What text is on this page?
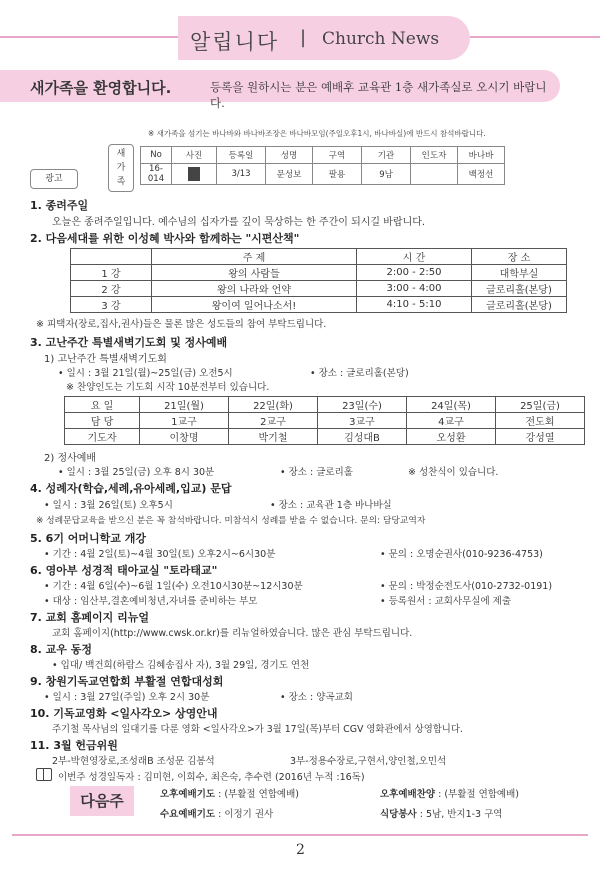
알립니다 | Church News
새가족을 환영합니다.	등록을 원하시는 분은 예배후 교육관 1층 새가족실로 오시기 바랍니다.
※ 새가족을 섬기는 바나바와 바나바조장은 바나바모임(주일오후1시, 바나바실)에 반드시 참석바랍니다.
광고
새
가
족
No	사진	등록일	성명	구역	기관	인도자	바나바
16-014		3/13	문성보	팔용	9남		백정선
1. 종려주일
오늘은 종려주일입니다. 예수님의 십자가를 깊이 묵상하는 한 주간이 되시길 바랍니다.
2. 다음세대를 위한 이성혜 박사와 함께하는 "시편산책"
	주 제	시 간	장 소
1 강	왕의 사람들	2:00 - 2:50	대학부실
2 강	왕의 나라와 언약	3:00 - 4:00	글로리홀(본당)
3 강	왕이여 일어나소서!	4:10 - 5:10	글로리홀(본당)
※ 피택자(장로,집사,권사)들은 물론 많은 성도들의 참여 부탁드립니다.
3. 고난주간 특별새벽기도회 및 정사예배
1) 고난주간 특별새벽기도회
• 일시 : 3월 21일(월)~25일(금) 오전5시	• 장소 : 글로리홀(본당)
※ 찬양인도는 기도회 시작 10분전부터 있습니다.
요 일	21일(월)	22일(화)	23일(수)	24일(목)	25일(금)
담 당	1교구	2교구	3교구	4교구	전도회
기도자	이창명	박기철	김성대B	오성환	강성열
2) 정사예배
• 일시 : 3월 25일(금) 오후 8시 30분	• 장소 : 글로리홀	※ 성찬식이 있습니다.
4. 성례자(학습,세례,유아세례,입교) 문답
• 일시 : 3월 26일(토) 오후5시	• 장소 : 교육관 1층 바나바실
※ 성례문답교육을 받으신 분은 꼭 참석바랍니다. 미참석시 성례를 받을 수 없습니다. 문의: 담당교역자
5. 6기 어머니학교 개강
• 기간 : 4월 2일(토)~4월 30일(토) 오후2시~6시30분	• 문의 : 오명순권사(010-9236-4753)
6. 영아부 성경적 태아교실 "토라태교"
• 기간 : 4월 6일(수)~6월 1일(수) 오전10시30분~12시30분	• 문의 : 박정순전도사(010-2732-0191)
• 대상 : 임산부,결혼예비청년,자녀를 준비하는 부모	• 등록원서 : 교회사무실에 제출
7. 교회 홈페이지 리뉴얼
교회 홈페이지(http://www.cwsk.or.kr)를 리뉴얼하였습니다. 많은 관심 부탁드립니다.
8. 교우 동정
• 입대/ 백건희(하람스 김혜송집사 자), 3월 29일, 경기도 연천
9. 창원기독교연합회 부활절 연합대성회
• 일시 : 3월 27일(주일) 오후 2시 30분	• 장소 : 양곡교회
10. 기독교영화 <일사각오> 상영안내
주기철 목사님의 일대기를 다룬 영화 <일사각오>가 3월 17일(목)부터 CGV 영화관에서 상영합니다.
11. 3월 헌금위원
2부-박현영장로,조성래B 조성문 김봉석	3부-정용수장로,구현서,양인철,오민석
이번주 성경일독자 : 김미현, 이희수, 최은숙, 추수련 (2016년 누적 :16독)
다음주	오후예배기도 : (부활절 연합예배)	오후예배찬양 : (부활절 연합예배)
수요예배기도 : 이정기 권사	식당봉사 : 5남, 반지1-3 구역
2
